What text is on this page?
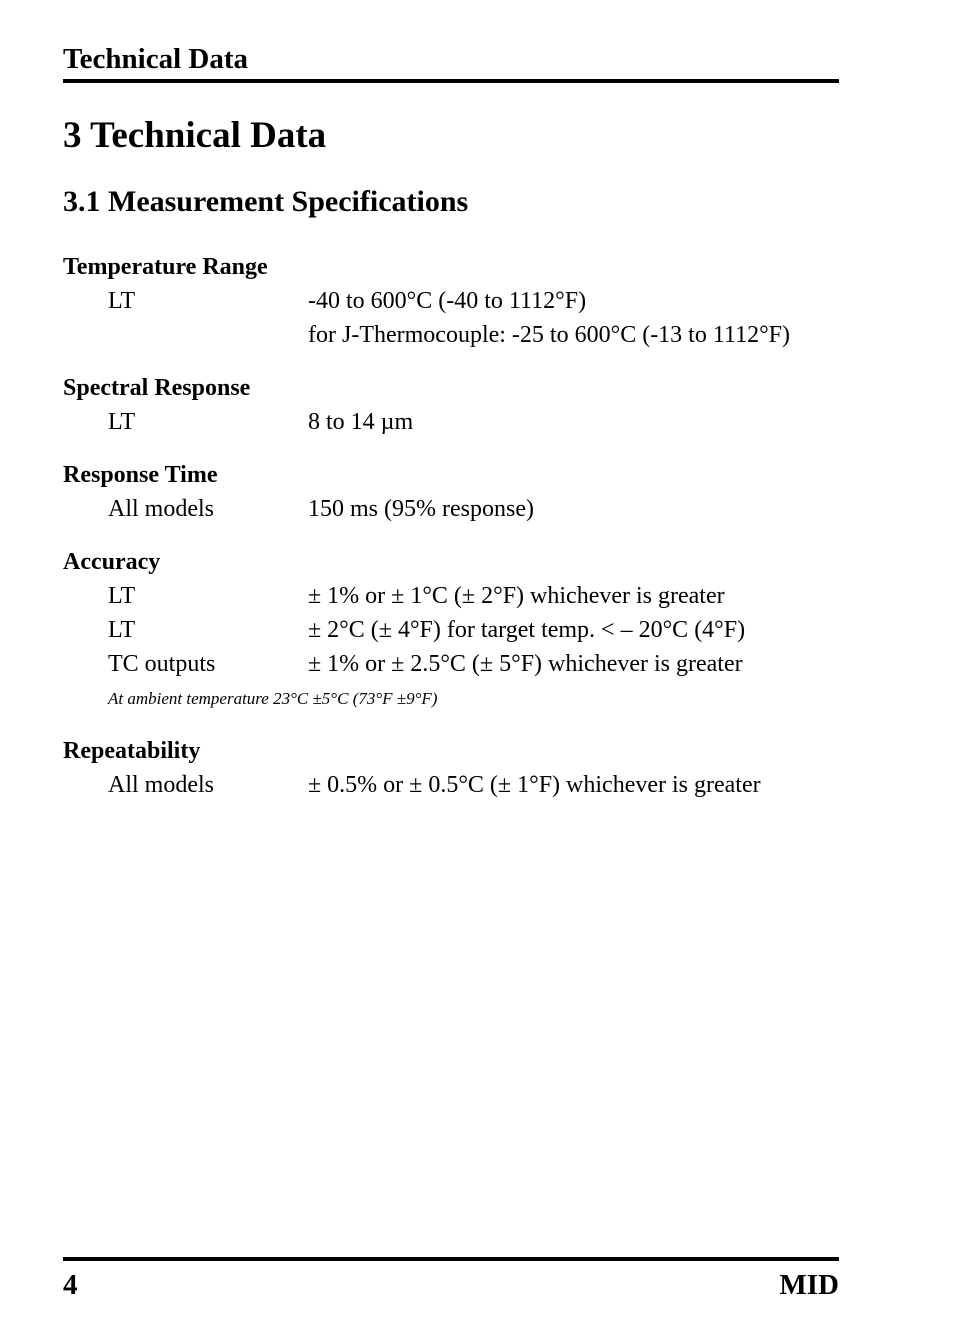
Technical Data
3 Technical Data
3.1 Measurement Specifications
Temperature Range
LT	-40 to 600°C (-40 to 1112°F)
for J-Thermocouple: -25 to 600°C (-13 to 1112°F)
Spectral Response
LT	8 to 14 µm
Response Time
All models	150 ms (95% response)
Accuracy
LT	± 1% or ± 1°C (± 2°F) whichever is greater
LT	± 2°C (± 4°F) for target temp. < – 20°C (4°F)
TC outputs	± 1% or ± 2.5°C (± 5°F) whichever is greater
At ambient temperature 23°C ±5°C (73°F ±9°F)
Repeatability
All models	± 0.5% or ± 0.5°C (± 1°F) whichever is greater
4	MID
